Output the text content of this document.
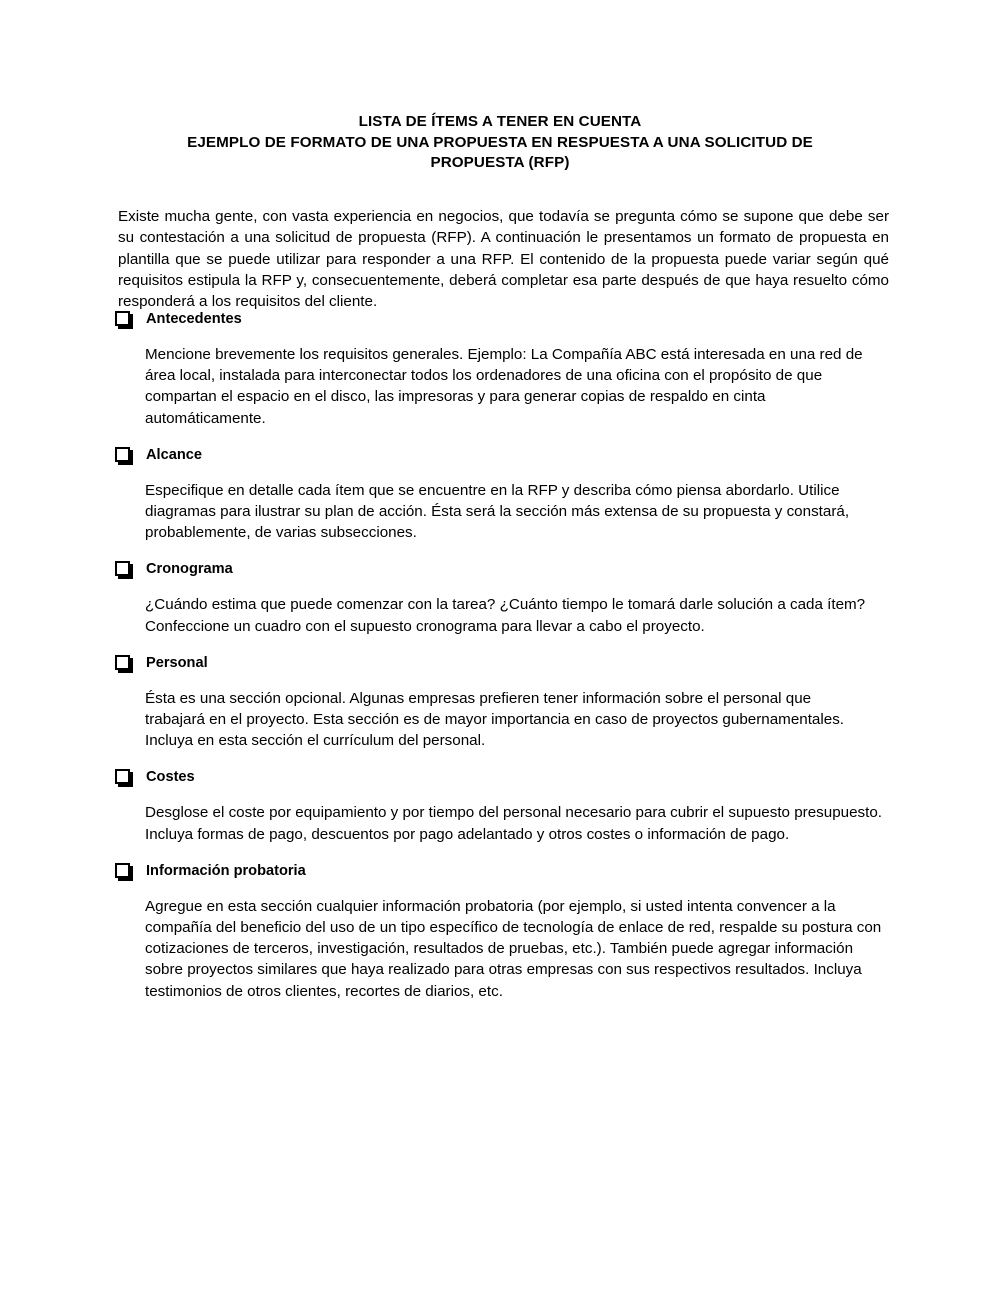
LISTA DE ÍTEMS A TENER EN CUENTA
EJEMPLO DE FORMATO DE UNA PROPUESTA EN RESPUESTA A UNA SOLICITUD DE
PROPUESTA (RFP)

Existe mucha gente, con vasta experiencia en negocios, que todavía se pregunta cómo se supone que debe ser su contestación a una solicitud de propuesta (RFP). A continuación le presentamos un formato de propuesta en plantilla que se puede utilizar para responder a una RFP. El contenido de la propuesta puede variar según qué requisitos estipula la RFP y, consecuentemente, deberá completar esa parte después de que haya resuelto cómo responderá a los requisitos del cliente.

Antecedentes
Mencione brevemente los requisitos generales. Ejemplo: La Compañía ABC está interesada en una red de área local, instalada para interconectar todos los ordenadores de una oficina con el propósito de que compartan el espacio en el disco, las impresoras y para generar copias de respaldo en cinta automáticamente.
Alcance
Especifique en detalle cada ítem que se encuentre en la RFP y describa cómo piensa abordarlo. Utilice diagramas para ilustrar su plan de acción. Ésta será la sección más extensa de su propuesta y constará, probablemente, de varias subsecciones.
Cronograma
¿Cuándo estima que puede comenzar con la tarea? ¿Cuánto tiempo le tomará darle solución a cada ítem? Confeccione un cuadro con el supuesto cronograma para llevar a cabo el proyecto.
Personal
Ésta es una sección opcional. Algunas empresas prefieren tener información sobre el personal que trabajará en el proyecto. Esta sección es de mayor importancia en caso de proyectos gubernamentales. Incluya en esta sección el currículum del personal.
Costes
Desglose el coste por equipamiento y por tiempo del personal necesario para cubrir el supuesto presupuesto. Incluya formas de pago, descuentos por pago adelantado y otros costes o información de pago.
Información probatoria
Agregue en esta sección cualquier información probatoria (por ejemplo, si usted intenta convencer a la compañía del beneficio del uso de un tipo específico de tecnología de enlace de red, respalde su postura con cotizaciones de terceros, investigación, resultados de pruebas, etc.). También puede agregar información sobre proyectos similares que haya realizado para otras empresas con sus respectivos resultados. Incluya testimonios de otros clientes, recortes de diarios, etc.
